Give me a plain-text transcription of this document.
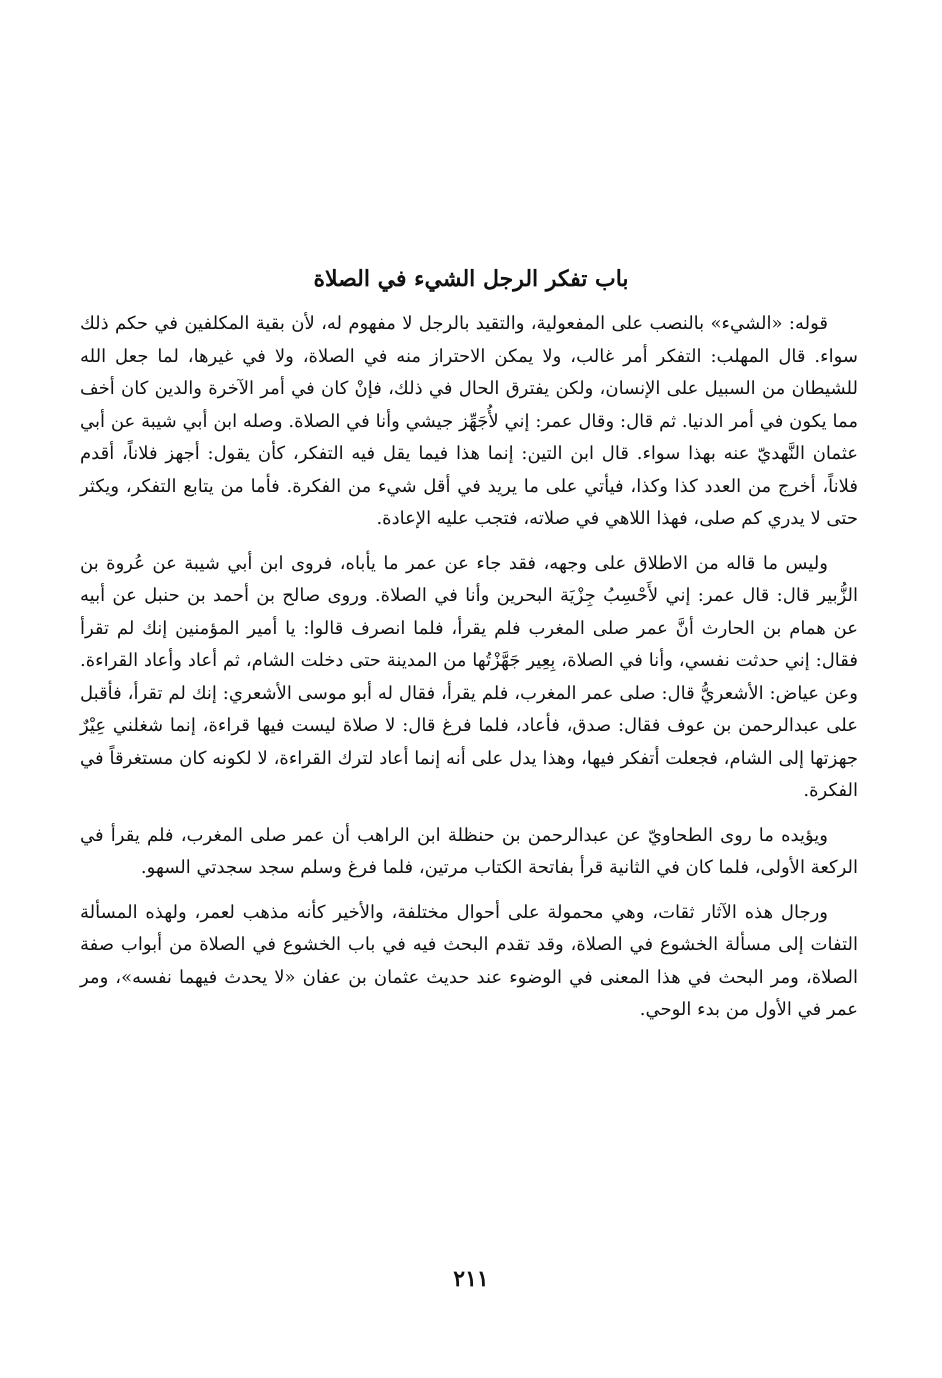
باب تفكر الرجل الشيء في الصلاة

قوله: «الشيء» بالنصب على المفعولية، والتقيد بالرجل لا مفهوم له، لأن بقية المكلفين في حكم ذلك سواء. قال المهلب: التفكر أمر غالب، ولا يمكن الاحتراز منه في الصلاة، ولا في غيرها، لما جعل الله للشيطان من السبيل على الإنسان، ولكن يفترق الحال في ذلك، فإنْ كان في أمر الآخرة والدين كان أخف مما يكون في أمر الدنيا. ثم قال: وقال عمر: إني لأُجَهِّز جيشي وأنا في الصلاة. وصله ابن أبي شيبة عن أبي عثمان النَّهديّ عنه بهذا سواء. قال ابن التين: إنما هذا فيما يقل فيه التفكر، كأن يقول: أجهز فلاناً، أقدم فلاناً، أخرج من العدد كذا وكذا، فيأتي على ما يريد في أقل شيء من الفكرة. فأما من يتابع التفكر، ويكثر حتى لا يدري كم صلى، فهذا اللاهي في صلاته، فتجب عليه الإعادة.

وليس ما قاله من الاطلاق على وجهه، فقد جاء عن عمر ما يأباه، فروى ابن أبي شيبة عن عُروة بن الزُّبير قال: قال عمر: إني لأَحْسِبُ جِزْيَة البحرين وأنا في الصلاة. وروى صالح بن أحمد بن حنبل عن أبيه عن همام بن الحارث أنَّ عمر صلى المغرب فلم يقرأ، فلما انصرف قالوا: يا أمير المؤمنين إنك لم تقرأ فقال: إني حدثت نفسي، وأنا في الصلاة، بِعِير جَهَّزْتُها من المدينة حتى دخلت الشام، ثم أعاد وأعاد القراءة. وعن عياض: الأشعريُّ قال: صلى عمر المغرب، فلم يقرأ، فقال له أبو موسى الأشعري: إنك لم تقرأ، فأقبل على عبدالرحمن بن عوف فقال: صدق، فأعاد، فلما فرغ قال: لا صلاة ليست فيها قراءة، إنما شغلني عِيْرٌ جهزتها إلى الشام، فجعلت أتفكر فيها، وهذا يدل على أنه إنما أعاد لترك القراءة، لا لكونه كان مستغرقاً في الفكرة.

ويؤيده ما روى الطحاويّ عن عبدالرحمن بن حنظلة ابن الراهب أن عمر صلى المغرب، فلم يقرأ في الركعة الأولى، فلما كان في الثانية قرأ بفاتحة الكتاب مرتين، فلما فرغ وسلم سجد سجدتي السهو.

ورجال هذه الآثار ثقات، وهي محمولة على أحوال مختلفة، والأخير كأنه مذهب لعمر، ولهذه المسألة التفات إلى مسألة الخشوع في الصلاة، وقد تقدم البحث فيه في باب الخشوع في الصلاة من أبواب صفة الصلاة، ومر البحث في هذا المعنى في الوضوء عند حديث عثمان بن عفان «لا يحدث فيهما نفسه»، ومر عمر في الأول من بدء الوحي.

٢١١
